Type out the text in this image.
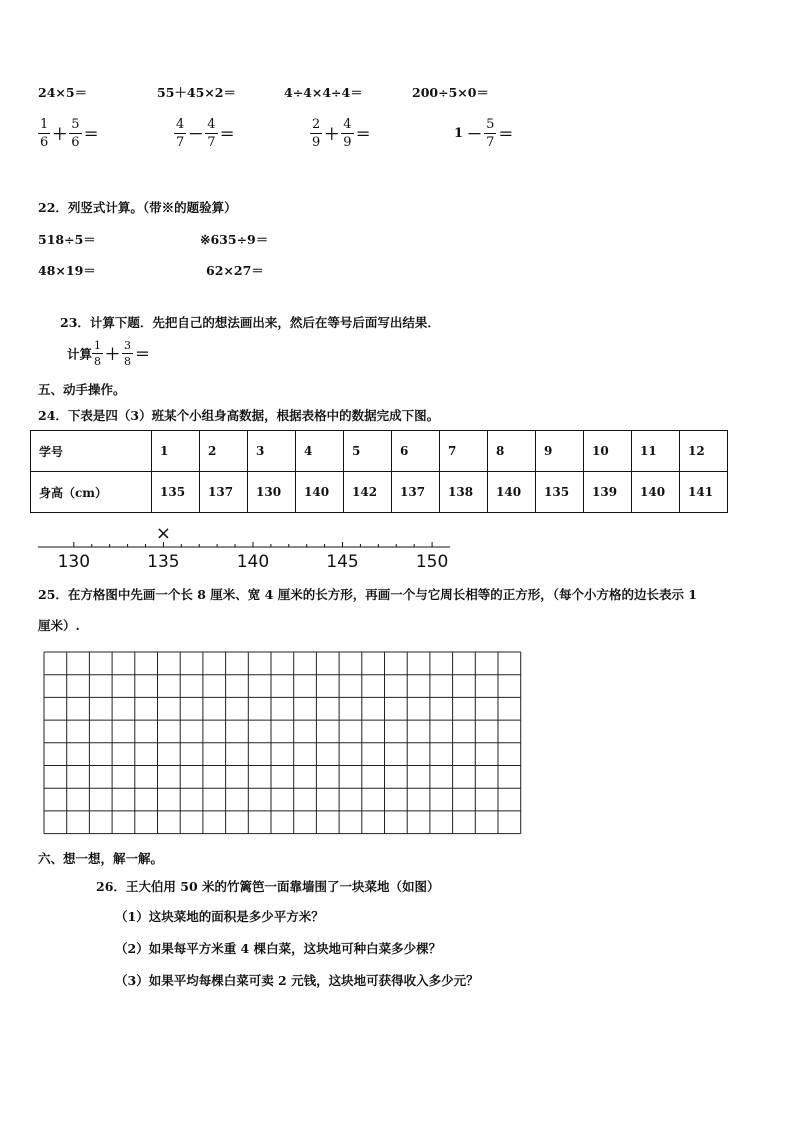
24×5＝	55＋45×2＝	4÷4×4÷4＝	200÷5×0＝
$\frac{1}{6} + \frac{5}{6}$ ＝	$\frac{4}{7} - \frac{4}{7}$ ＝	$\frac{2}{9} + \frac{4}{9}$ ＝	$1 - \frac{5}{7}$ ＝
22．列竖式计算。（带※的题验算）
518÷5＝	※635÷9＝
48×19＝	62×27＝
23．计算下题．先把自己的想法画出来，然后在等号后面写出结果．
计算 $\frac{1}{8} + \frac{3}{8}$ ＝
五、动手操作。
24．下表是四（3）班某个小组身高数据，根据表格中的数据完成下图。
学号	1	2	3	4	5	6	7	8	9	10	11	12
身高（cm）	135	137	130	140	142	137	138	140	135	139	140	141
130	135	140	145	150
×
25．在方格图中先画一个长 8 厘米、宽 4 厘米的长方形，再画一个与它周长相等的正方形，（每个小方格的边长表示 1
厘米）.
六、想一想，解一解。
26．王大伯用 50 米的竹篱笆一面靠墙围了一块菜地（如图）
（1）这块菜地的面积是多少平方米？
（2）如果每平方米重 4 棵白菜，这块地可种白菜多少棵？
（3）如果平均每棵白菜可卖 2 元钱，这块地可获得收入多少元？
